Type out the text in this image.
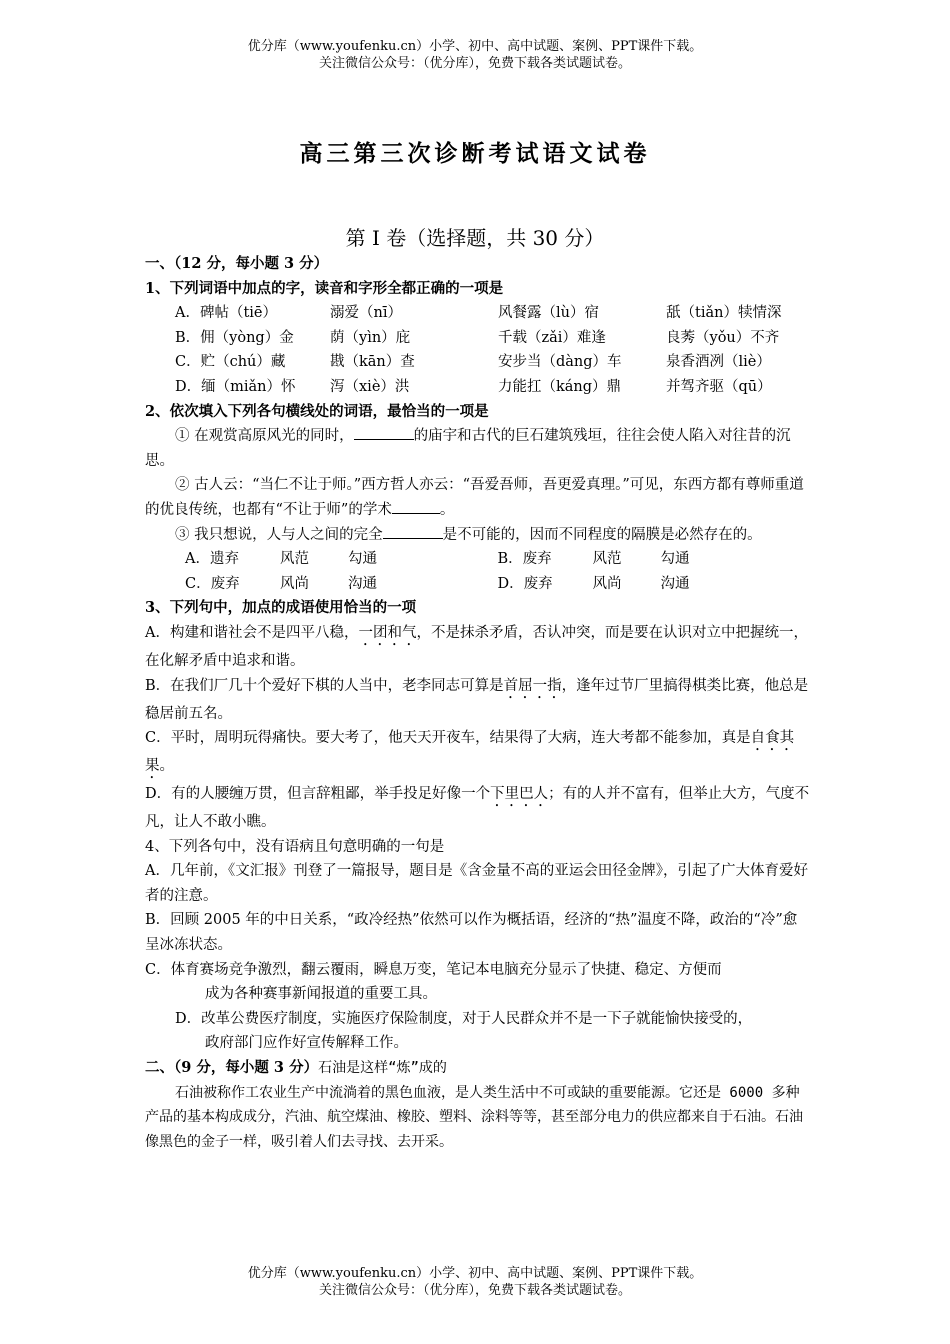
优分库（www.youfenku.cn）小学、初中、高中试题、案例、PPT课件下载。
关注微信公众号：（优分库），免费下载各类试题试卷。
高三第三次诊断考试语文试卷
第 I 卷（选择题，共 30 分）
一、（12 分，每小题 3 分）
1、下列词语中加点的字，读音和字形全都正确的一项是
A．碑帖（tiē）	溺爱（nī）	风餐露（lù）宿	舐（tiǎn）犊情深
B．佣（yòng）金	荫（yìn）庇	千载（zǎi）难逢	良莠（yǒu）不齐
C．贮（chú）藏	戡（kān）查	安步当（dàng）车	泉香酒冽（liè）
D．缅（miǎn）怀	泻（xiè）洪	力能扛（káng）鼎	并驾齐驱（qū）
2、依次填入下列各句横线处的词语，最恰当的一项是
① 在观赏高原风光的同时，	的庙宇和古代的巨石建筑残垣，往往会使人陷入对往昔的沉思。
② 古人云：“当仁不让于师。”西方哲人亦云：“吾爱吾师，吾更爱真理。”可见，东西方都有尊师重道的优良传统，也都有“不让于师”的学术	。
③ 我只想说，人与人之间的完全	是不可能的，因而不同程度的隔膜是必然存在的。
A．遗弃	风范	勾通	B．废弃	风范	勾通
C．废弃	风尚	沟通	D．废弃	风尚	沟通
3、下列句中，加点的成语使用恰当的一项
A．构建和谐社会不是四平八稳，一团和气，不是抹杀矛盾，否认冲突，而是要在认识对立中把握统一，在化解矛盾中追求和谐。
B．在我们厂几十个爱好下棋的人当中，老李同志可算是首屈一指，逢年过节厂里搞得棋类比赛，他总是稳居前五名。
C．平时，周明玩得痛快。要大考了，他天天开夜车，结果得了大病，连大考都不能参加，真是自食其果。
D．有的人腰缠万贯，但言辞粗鄙，举手投足好像一个下里巴人；有的人并不富有，但举止大方，气度不凡，让人不敢小瞧。
4、下列各句中，没有语病且句意明确的一句是
A．几年前，《文汇报》刊登了一篇报导，题目是《含金量不高的亚运会田径金牌》，引起了广大体育爱好者的注意。
B．回顾 2005 年的中日关系，“政冷经热”依然可以作为概括语，经济的“热”温度不降，政治的“冷”愈呈冰冻状态。
C．体育赛场竞争激烈，翻云覆雨，瞬息万变，笔记本电脑充分显示了快捷、稳定、方便而
成为各种赛事新闻报道的重要工具。
D．改革公费医疗制度，实施医疗保险制度，对于人民群众并不是一下子就能愉快接受的，
政府部门应作好宣传解释工作。
二、（9 分，每小题 3 分）石油是这样“炼”成的
石油被称作工农业生产中流淌着的黑色血液，是人类生活中不可或缺的重要能源。它还是 6000 多种产品的基本构成成分，汽油、航空煤油、橡胶、塑料、涂料等等，甚至部分电力的供应都来自于石油。石油像黑色的金子一样，吸引着人们去寻找、去开采。
优分库（www.youfenku.cn）小学、初中、高中试题、案例、PPT课件下载。
关注微信公众号：（优分库），免费下载各类试题试卷。
